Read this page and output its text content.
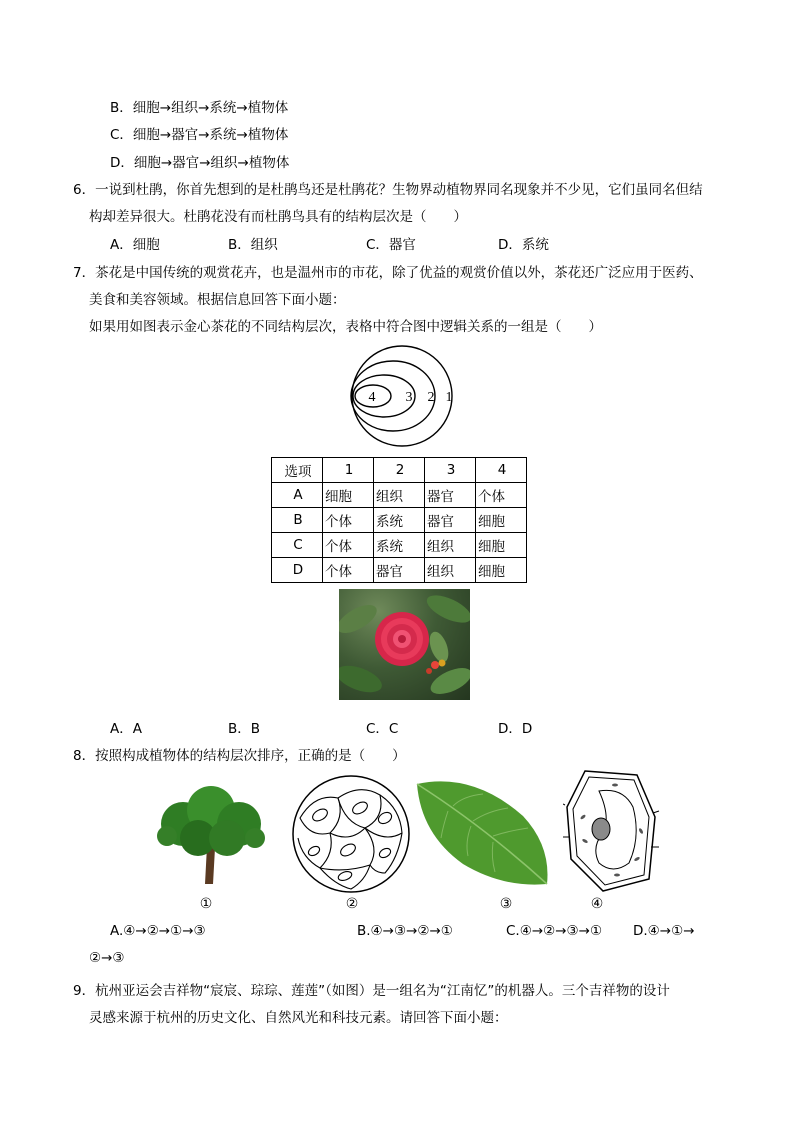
B．细胞→组织→系统→植物体
C．细胞→器官→系统→植物体
D．细胞→器官→组织→植物体
6．一说到杜鹃，你首先想到的是杜鹃鸟还是杜鹃花？生物界动植物界同名现象并不少见，它们虽同名但结
构却差异很大。杜鹃花没有而杜鹃鸟具有的结构层次是（　　）
A．细胞	B．组织	C．器官	D．系统
7．茶花是中国传统的观赏花卉，也是温州市的市花，除了优益的观赏价值以外，茶花还广泛应用于医药、
美食和美容领域。根据信息回答下面小题：
如果用如图表示金心茶花的不同结构层次，表格中符合图中逻辑关系的一组是（　　）
4 3 2 1
选项	1	2	3	4
A	细胞	组织	器官	个体
B	个体	系统	器官	细胞
C	个体	系统	组织	细胞
D	个体	器官	组织	细胞
A．A	B．B	C．C	D．D
8．按照构成植物体的结构层次排序，正确的是（　　）
①	②	③	④
A.④→②→①→③	B.④→③→②→①	C.④→②→③→① D.④→①→
②→③
9．杭州亚运会吉祥物“宸宸、琮琮、莲莲”（如图）是一组名为“江南忆”的机器人。三个吉祥物的设计
灵感来源于杭州的历史文化、自然风光和科技元素。请回答下面小题：
